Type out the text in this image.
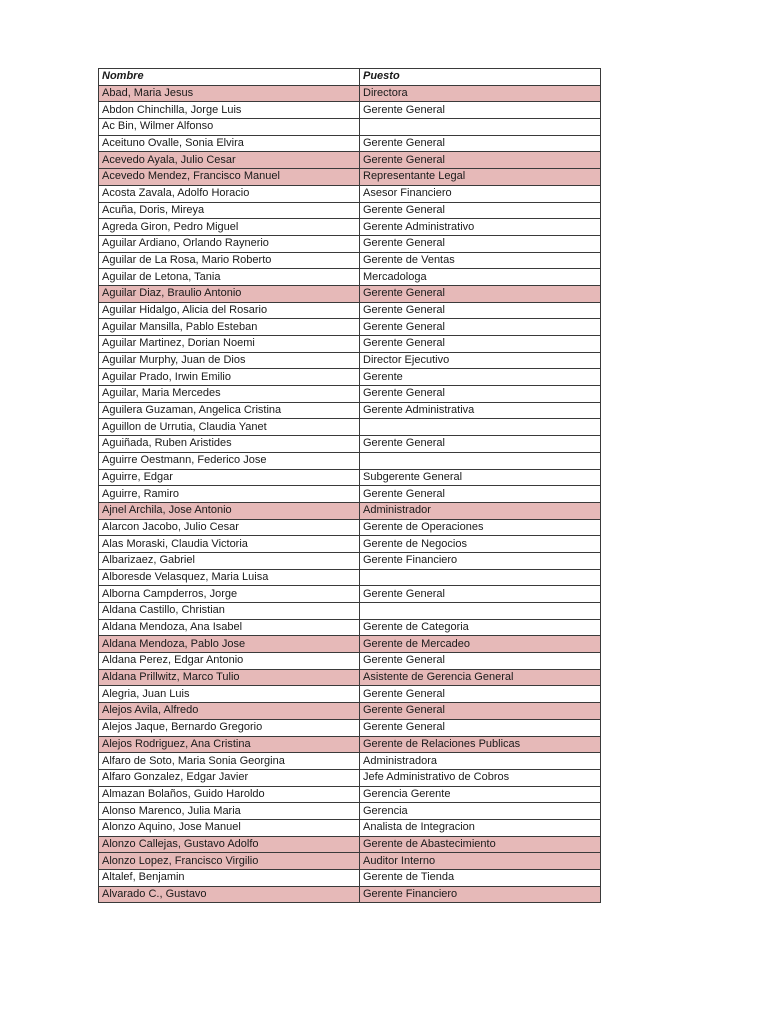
Nombre	Puesto
Abad, Maria Jesus	Directora
Abdon Chinchilla, Jorge Luis	Gerente General
Ac Bin, Wilmer Alfonso	
Aceituno Ovalle, Sonia Elvira	Gerente General
Acevedo Ayala, Julio Cesar	Gerente General
Acevedo Mendez, Francisco Manuel	Representante Legal
Acosta Zavala, Adolfo Horacio	Asesor Financiero
Acuña, Doris, Mireya	Gerente General
Agreda Giron, Pedro Miguel	Gerente Administrativo
Aguilar Ardiano, Orlando Raynerio	Gerente General
Aguilar de La Rosa, Mario Roberto	Gerente de Ventas
Aguilar de Letona, Tania	Mercadologa
Aguilar Diaz, Braulio Antonio	Gerente General
Aguilar Hidalgo, Alicia del Rosario	Gerente General
Aguilar Mansilla, Pablo Esteban	Gerente General
Aguilar Martinez, Dorian Noemi	Gerente General
Aguilar Murphy, Juan de Dios	Director Ejecutivo
Aguilar Prado, Irwin Emilio	Gerente
Aguilar, Maria Mercedes	Gerente General
Aguilera Guzaman, Angelica Cristina	Gerente Administrativa
Aguillon de Urrutia, Claudia Yanet	
Aguiñada, Ruben Aristides	Gerente General
Aguirre Oestmann, Federico Jose	
Aguirre, Edgar	Subgerente General
Aguirre, Ramiro	Gerente General
Ajnel Archila, Jose Antonio	Administrador
Alarcon Jacobo, Julio Cesar	Gerente de Operaciones
Alas Moraski, Claudia Victoria	Gerente de Negocios
Albarizaez, Gabriel	Gerente Financiero
Alboresde Velasquez, Maria Luisa	
Alborna Campderros, Jorge	Gerente General
Aldana Castillo, Christian	
Aldana Mendoza, Ana Isabel	Gerente de Categoria
Aldana Mendoza, Pablo Jose	Gerente de Mercadeo
Aldana Perez, Edgar Antonio	Gerente General
Aldana Prillwitz, Marco Tulio	Asistente de Gerencia General
Alegria, Juan Luis	Gerente General
Alejos Avila, Alfredo	Gerente General
Alejos Jaque, Bernardo Gregorio	Gerente General
Alejos Rodriguez, Ana Cristina	Gerente de Relaciones Publicas
Alfaro de Soto, Maria Sonia Georgina	Administradora
Alfaro Gonzalez, Edgar Javier	Jefe Administrativo de Cobros
Almazan Bolaños, Guido Haroldo	Gerencia Gerente
Alonso Marenco, Julia Maria	Gerencia
Alonzo Aquino, Jose Manuel	Analista de Integracion
Alonzo Callejas, Gustavo Adolfo	Gerente de Abastecimiento
Alonzo Lopez, Francisco Virgilio	Auditor Interno
Altalef, Benjamin	Gerente de Tienda
Alvarado C., Gustavo	Gerente Financiero
